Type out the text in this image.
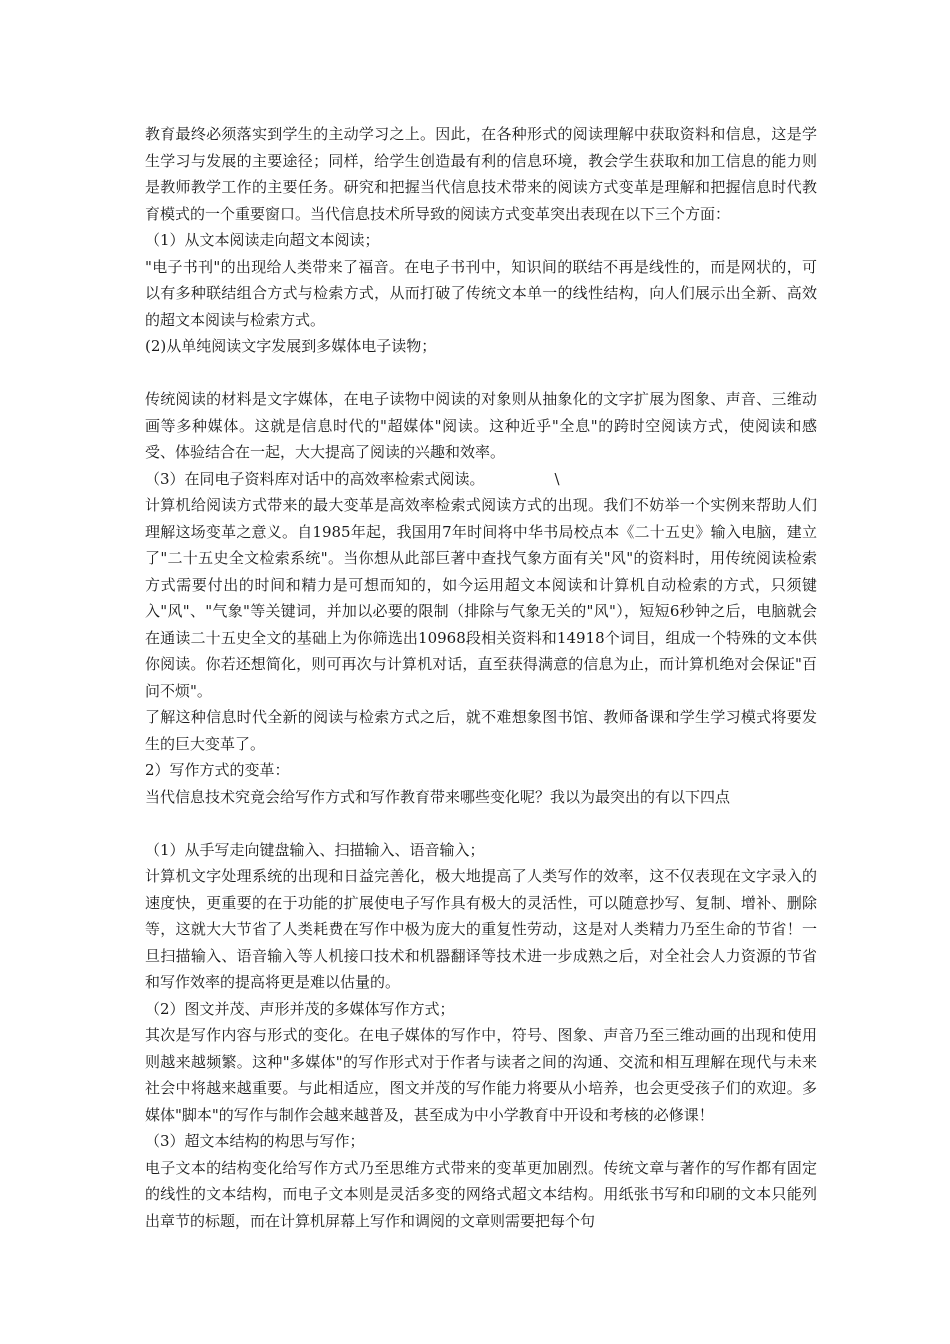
教育最终必须落实到学生的主动学习之上。因此，在各种形式的阅读理解中获取资料和信息，这是学生学习与发展的主要途径；同样，给学生创造最有利的信息环境，教会学生获取和加工信息的能力则是教师教学工作的主要任务。研究和把握当代信息技术带来的阅读方式变革是理解和把握信息时代教育模式的一个重要窗口。当代信息技术所导致的阅读方式变革突出表现在以下三个方面：

（1）从文本阅读走向超文本阅读；

"电子书刊"的出现给人类带来了福音。在电子书刊中，知识间的联结不再是线性的，而是网状的，可以有多种联结组合方式与检索方式，从而打破了传统文本单一的线性结构，向人们展示出全新、高效的超文本阅读与检索方式。

(2)从单纯阅读文字发展到多媒体电子读物；

传统阅读的材料是文字媒体，在电子读物中阅读的对象则从抽象化的文字扩展为图象、声音、三维动画等多种媒体。这就是信息时代的"超媒体"阅读。这种近乎"全息"的跨时空阅读方式，使阅读和感受、体验结合在一起，大大提高了阅读的兴趣和效率。

（3）在同电子资料库对话中的高效率检索式阅读。	\

计算机给阅读方式带来的最大变革是高效率检索式阅读方式的出现。我们不妨举一个实例来帮助人们理解这场变革之意义。自1985年起，我国用7年时间将中华书局校点本《二十五史》输入电脑，建立了"二十五史全文检索系统"。当你想从此部巨著中查找气象方面有关"风"的资料时，用传统阅读检索方式需要付出的时间和精力是可想而知的，如今运用超文本阅读和计算机自动检索的方式，只须键入"风"、"气象"等关键词，并加以必要的限制（排除与气象无关的"风"），短短6秒钟之后，电脑就会在通读二十五史全文的基础上为你筛选出10968段相关资料和14918个词目，组成一个特殊的文本供你阅读。你若还想简化，则可再次与计算机对话，直至获得满意的信息为止，而计算机绝对会保证"百问不烦"。

了解这种信息时代全新的阅读与检索方式之后，就不难想象图书馆、教师备课和学生学习模式将要发生的巨大变革了。

2）写作方式的变革：

当代信息技术究竟会给写作方式和写作教育带来哪些变化呢？我以为最突出的有以下四点

（1）从手写走向键盘输入、扫描输入、语音输入；

计算机文字处理系统的出现和日益完善化，极大地提高了人类写作的效率，这不仅表现在文字录入的速度快，更重要的在于功能的扩展使电子写作具有极大的灵活性，可以随意抄写、复制、增补、删除等，这就大大节省了人类耗费在写作中极为庞大的重复性劳动，这是对人类精力乃至生命的节省！一旦扫描输入、语音输入等人机接口技术和机器翻译等技术进一步成熟之后，对全社会人力资源的节省和写作效率的提高将更是难以估量的。

（2）图文并茂、声形并茂的多媒体写作方式；

其次是写作内容与形式的变化。在电子媒体的写作中，符号、图象、声音乃至三维动画的出现和使用则越来越频繁。这种"多媒体"的写作形式对于作者与读者之间的沟通、交流和相互理解在现代与未来社会中将越来越重要。与此相适应，图文并茂的写作能力将要从小培养，也会更受孩子们的欢迎。多媒体"脚本"的写作与制作会越来越普及，甚至成为中小学教育中开设和考核的必修课！

（3）超文本结构的构思与写作；

电子文本的结构变化给写作方式乃至思维方式带来的变革更加剧烈。传统文章与著作的写作都有固定的线性的文本结构，而电子文本则是灵活多变的网络式超文本结构。用纸张书写和印刷的文本只能列出章节的标题，而在计算机屏幕上写作和调阅的文章则需要把每个句
